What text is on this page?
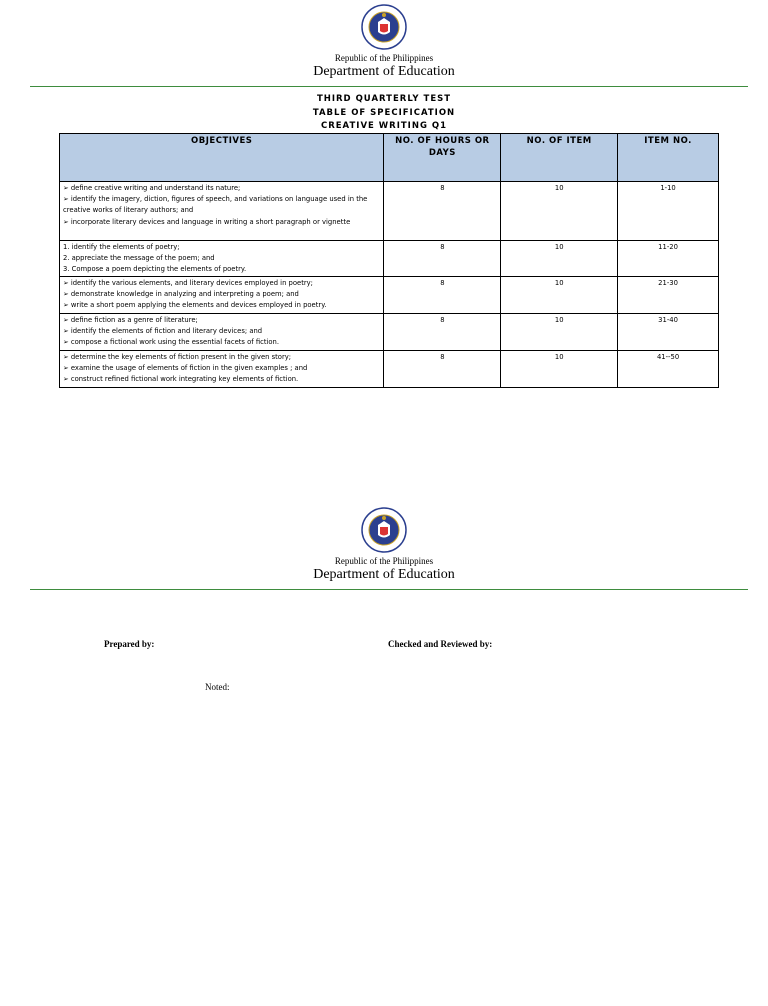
Republic of the Philippines
Department of Education
THIRD QUARTERLY TEST
TABLE OF SPECIFICATION
CREATIVE WRITING Q1
OBJECTIVES	NO. OF HOURS OR DAYS	NO. OF ITEM	ITEM NO.

➢ define creative writing and understand its nature;
➢ identify the imagery, diction, figures of speech, and variations on language used in the creative works of literary authors; and
➢ incorporate literary devices and language in writing a short paragraph or vignette	8	10	1-10

1. identify the elements of poetry;
2. appreciate the message of the poem; and
3. Compose a poem depicting the elements of poetry.	8	10	11-20

➢ identify the various elements, and literary devices employed in poetry;
➢ demonstrate knowledge in analyzing and interpreting a poem; and
➢ write a short poem applying the elements and devices employed in poetry.	8	10	21-30

➢ define fiction as a genre of literature;
➢ identify the elements of fiction and literary devices; and
➢ compose a fictional work using the essential facets of fiction.	8	10	31-40

➢ determine the key elements of fiction present in the given story;
➢ examine the usage of elements of fiction in the given examples ; and
➢ construct refined fictional work integrating key elements of fiction.	8	10	41--50
Republic of the Philippines
Department of Education
Prepared by:	Checked and Reviewed by:
Noted:
